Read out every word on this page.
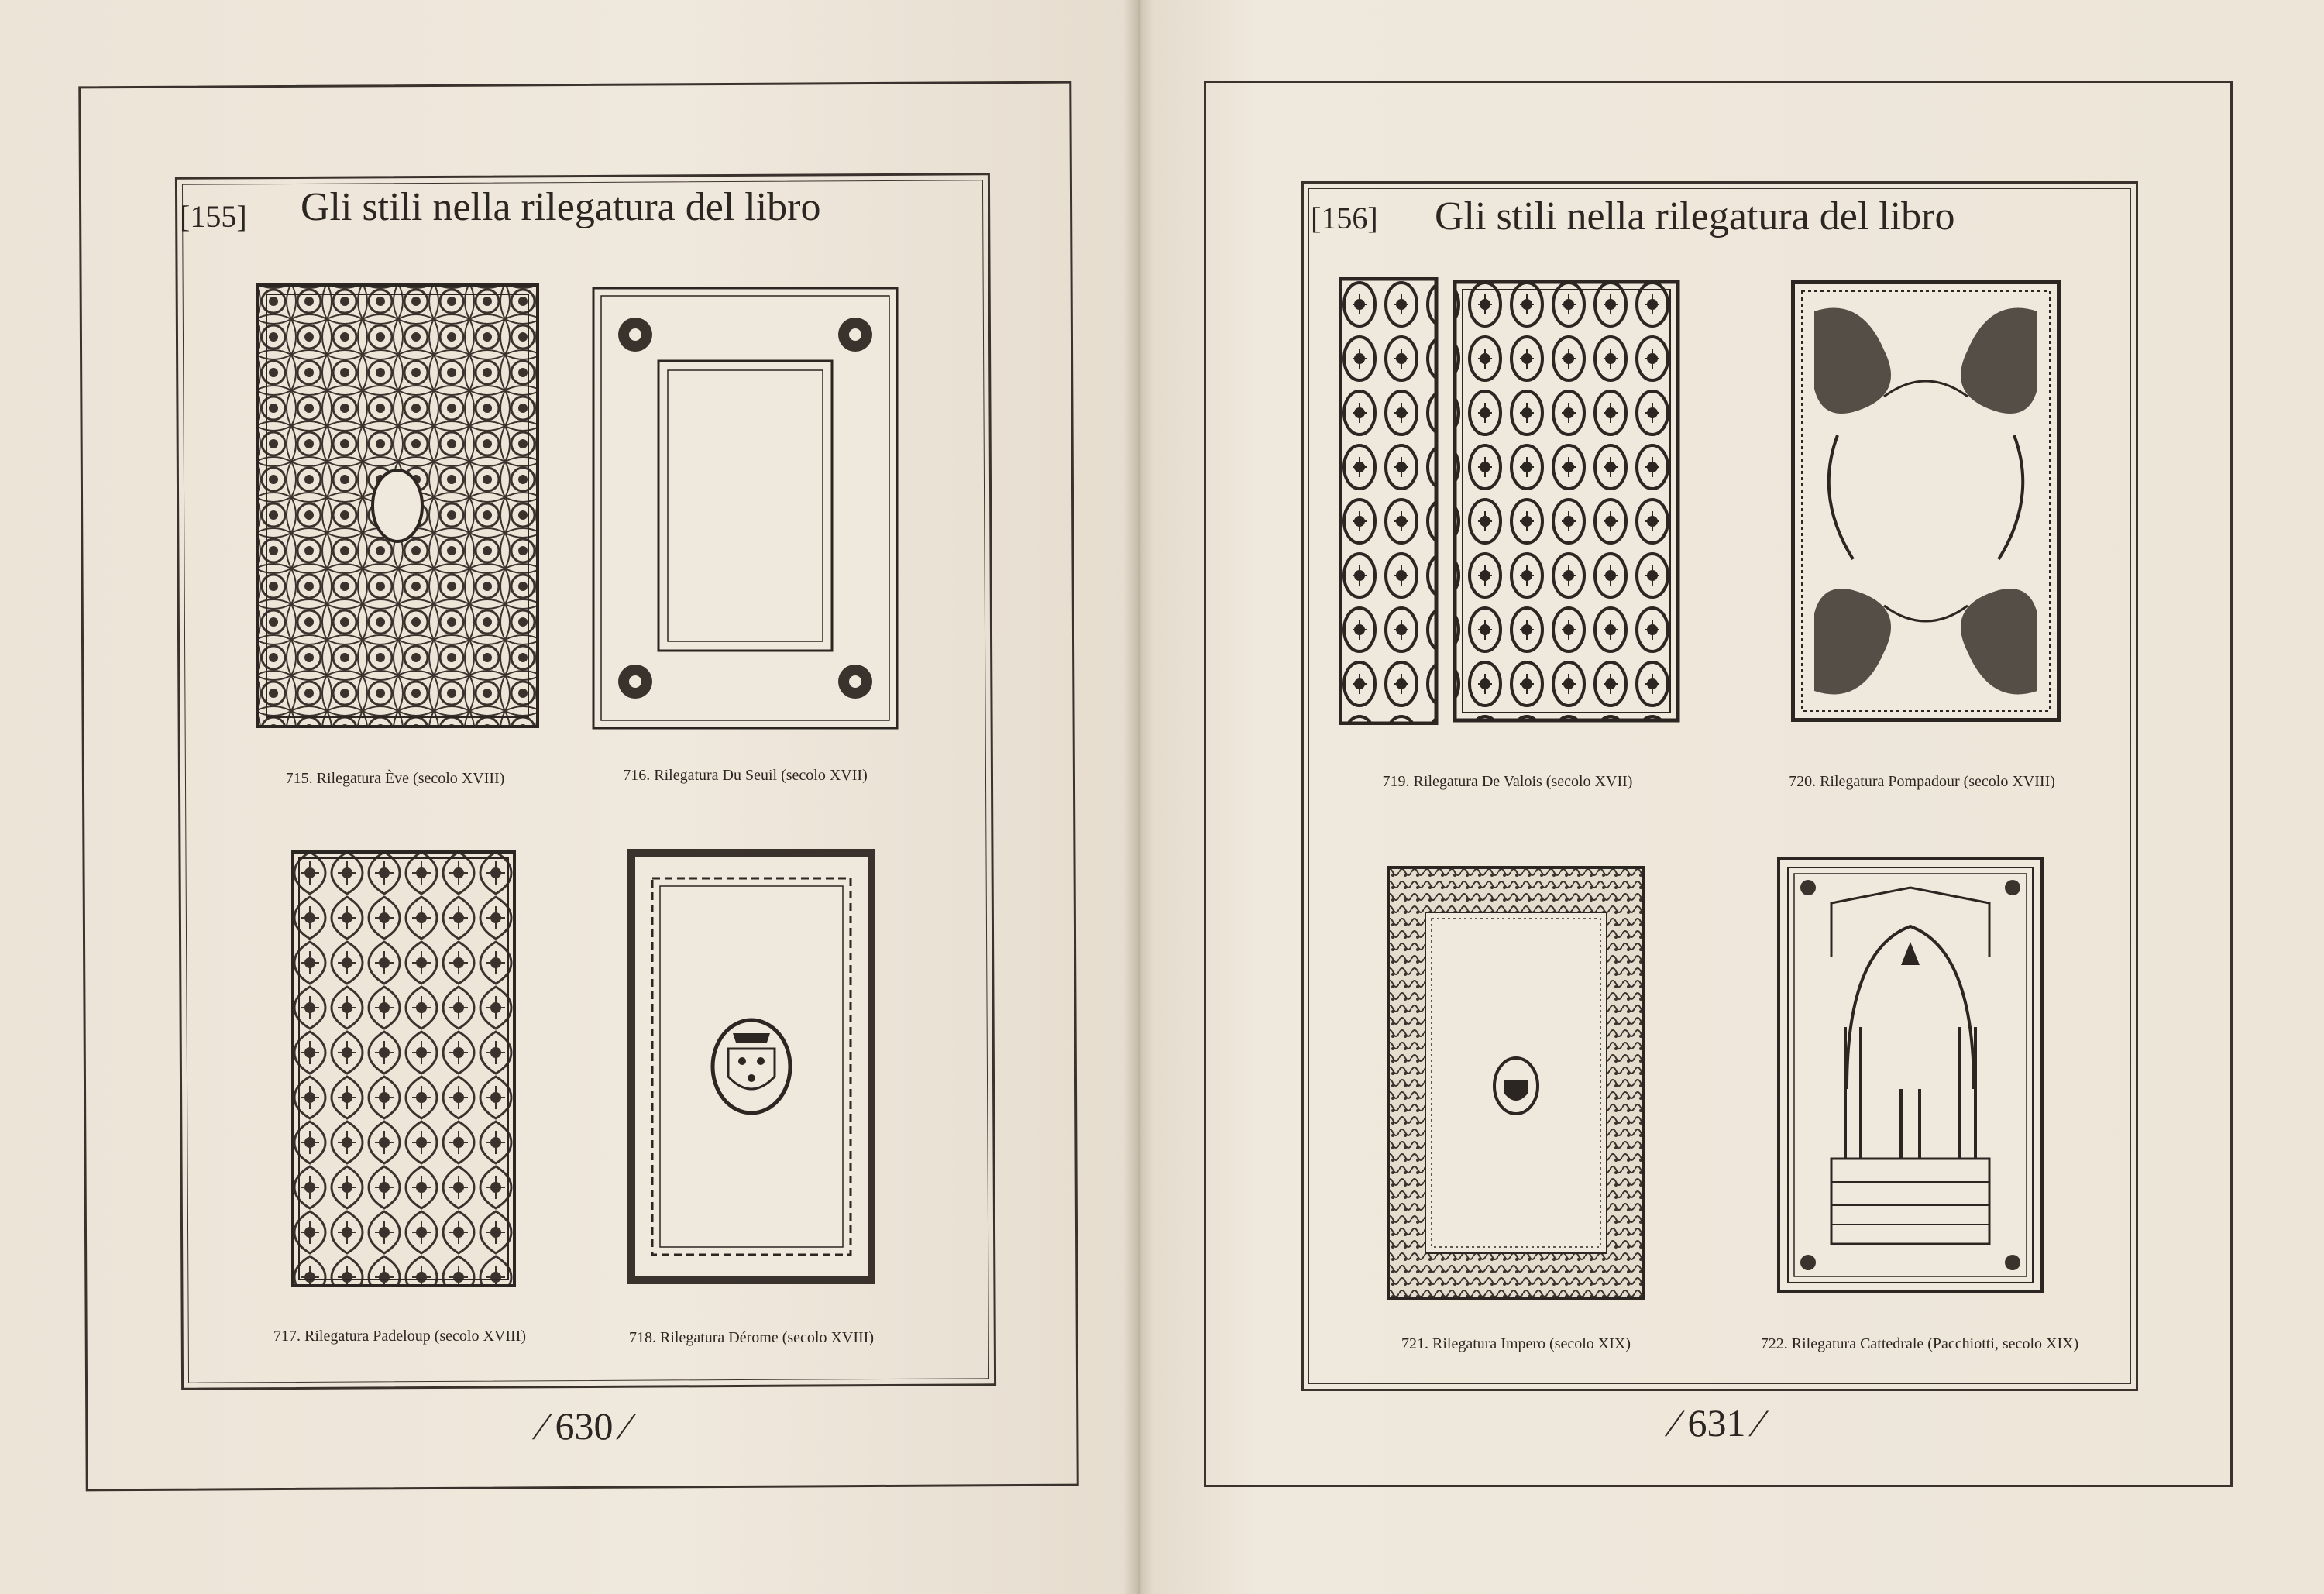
[155] Gli stili nella rilegatura del libro
715. Rilegatura Ève (secolo XVIII)	716. Rilegatura Du Seuil (secolo XVII)
717. Rilegatura Padeloup (secolo XVIII)	718. Rilegatura Dérome (secolo XVIII)
⁄ 630 ⁄
[156] Gli stili nella rilegatura del libro
719. Rilegatura De Valois (secolo XVII)	720. Rilegatura Pompadour (secolo XVIII)
721. Rilegatura Impero (secolo XIX)	722. Rilegatura Cattedrale (Pacchiotti, secolo XIX)
⁄ 631 ⁄
